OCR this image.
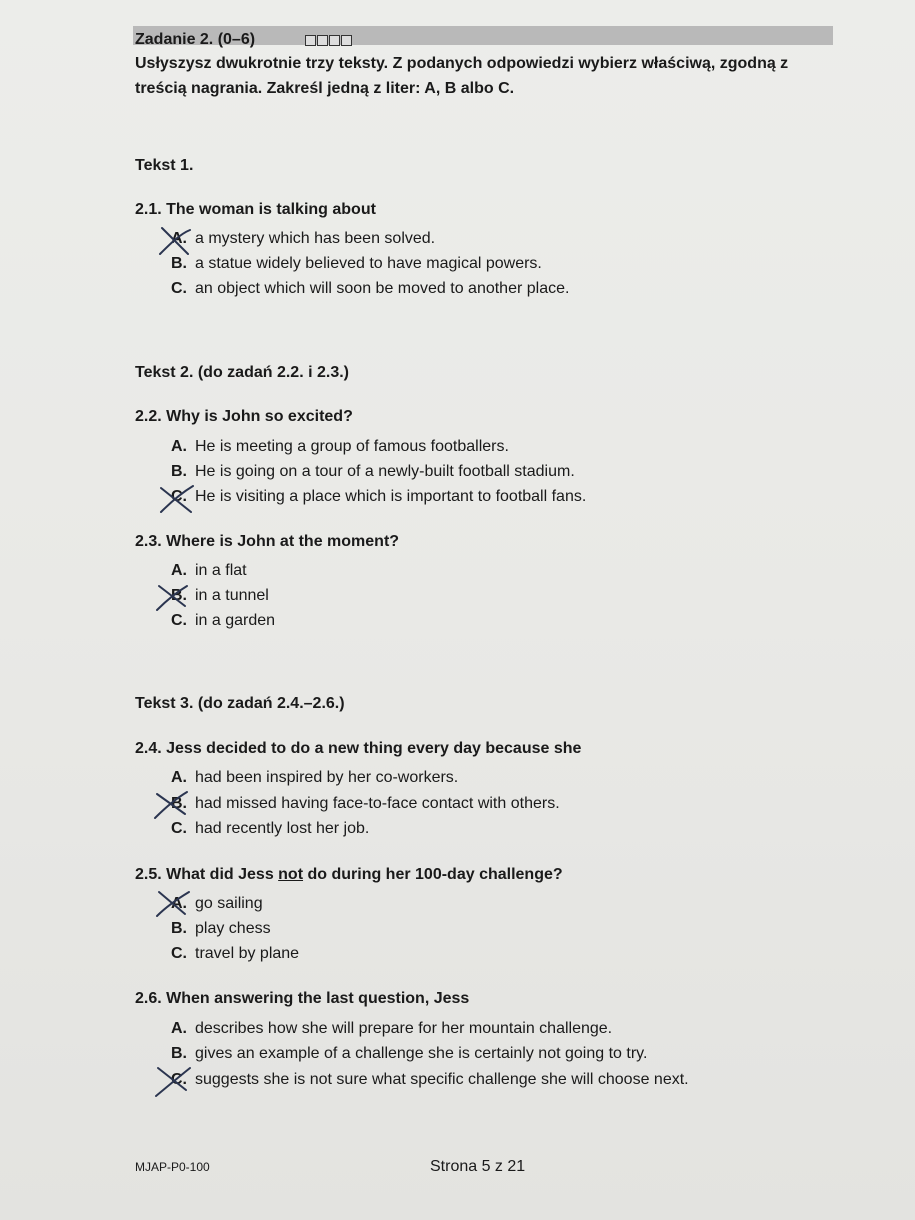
Zadanie 2. (0–6)
Usłyszysz dwukrotnie trzy teksty. Z podanych odpowiedzi wybierz właściwą, zgodną z treścią nagrania. Zakreśl jedną z liter: A, B albo C.
Tekst 1.
2.1. The woman is talking about
A. a mystery which has been solved.
B. a statue widely believed to have magical powers.
C. an object which will soon be moved to another place.
Tekst 2. (do zadań 2.2. i 2.3.)
2.2. Why is John so excited?
A. He is meeting a group of famous footballers.
B. He is going on a tour of a newly-built football stadium.
C. He is visiting a place which is important to football fans.
2.3. Where is John at the moment?
A. in a flat
B. in a tunnel
C. in a garden
Tekst 3. (do zadań 2.4.–2.6.)
2.4. Jess decided to do a new thing every day because she
A. had been inspired by her co-workers.
B. had missed having face-to-face contact with others.
C. had recently lost her job.
2.5. What did Jess not do during her 100-day challenge?
A. go sailing
B. play chess
C. travel by plane
2.6. When answering the last question, Jess
A. describes how she will prepare for her mountain challenge.
B. gives an example of a challenge she is certainly not going to try.
C. suggests she is not sure what specific challenge she will choose next.
MJAP-P0-100	Strona 5 z 21
